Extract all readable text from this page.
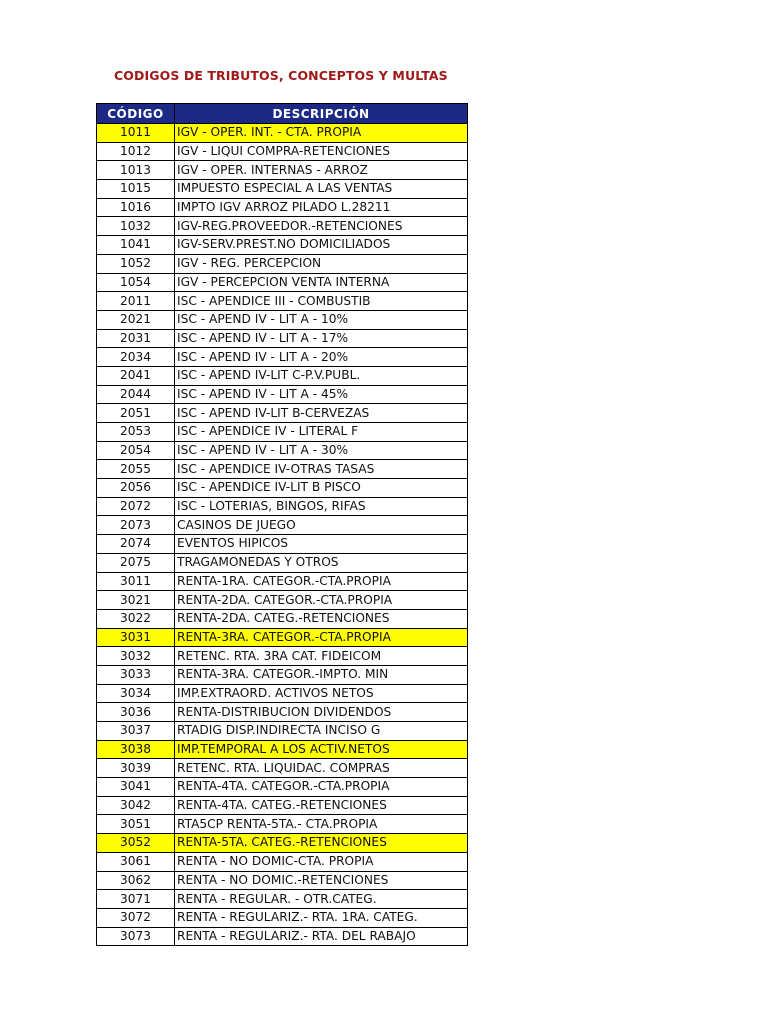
CODIGOS DE TRIBUTOS, CONCEPTOS Y MULTAS
CÓDIGO	DESCRIPCIÓN
1011	IGV - OPER. INT. - CTA. PROPIA
1012	IGV - LIQUI COMPRA-RETENCIONES
1013	IGV - OPER. INTERNAS - ARROZ
1015	IMPUESTO ESPECIAL A LAS VENTAS
1016	IMPTO IGV ARROZ PILADO L.28211
1032	IGV-REG.PROVEEDOR.-RETENCIONES
1041	IGV-SERV.PREST.NO DOMICILIADOS
1052	IGV - REG. PERCEPCION
1054	IGV - PERCEPCION VENTA INTERNA
2011	ISC - APENDICE III - COMBUSTIB
2021	ISC - APEND IV - LIT A - 10%
2031	ISC - APEND IV - LIT A - 17%
2034	ISC - APEND IV - LIT A - 20%
2041	ISC - APEND IV-LIT C-P.V.PUBL.
2044	ISC - APEND IV - LIT A - 45%
2051	ISC - APEND IV-LIT B-CERVEZAS
2053	ISC - APENDICE IV - LITERAL F
2054	ISC - APEND IV - LIT A - 30%
2055	ISC - APENDICE IV-OTRAS TASAS
2056	ISC - APENDICE IV-LIT B PISCO
2072	ISC - LOTERIAS, BINGOS, RIFAS
2073	CASINOS DE JUEGO
2074	EVENTOS HIPICOS
2075	TRAGAMONEDAS Y OTROS
3011	RENTA-1RA. CATEGOR.-CTA.PROPIA
3021	RENTA-2DA. CATEGOR.-CTA.PROPIA
3022	RENTA-2DA. CATEG.-RETENCIONES
3031	RENTA-3RA. CATEGOR.-CTA.PROPIA
3032	RETENC. RTA. 3RA CAT. FIDEICOM
3033	RENTA-3RA. CATEGOR.-IMPTO. MIN
3034	IMP.EXTRAORD. ACTIVOS NETOS
3036	RENTA-DISTRIBUCION DIVIDENDOS
3037	RTADIG DISP.INDIRECTA INCISO G
3038	IMP.TEMPORAL A LOS ACTIV.NETOS
3039	RETENC. RTA. LIQUIDAC. COMPRAS
3041	RENTA-4TA. CATEGOR.-CTA.PROPIA
3042	RENTA-4TA. CATEG.-RETENCIONES
3051	RTA5CP RENTA-5TA.- CTA.PROPIA
3052	RENTA-5TA. CATEG.-RETENCIONES
3061	RENTA - NO DOMIC-CTA. PROPIA
3062	RENTA - NO DOMIC.-RETENCIONES
3071	RENTA - REGULAR. - OTR.CATEG.
3072	RENTA - REGULARIZ.- RTA. 1RA. CATEG.
3073	RENTA - REGULARIZ.- RTA. DEL RABAJO
